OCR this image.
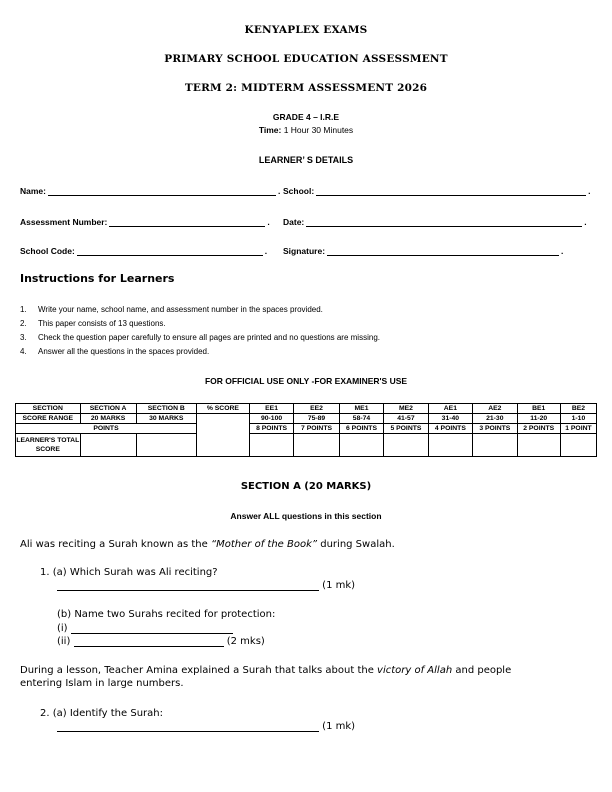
KENYAPLEX EXAMS
PRIMARY SCHOOL EDUCATION ASSESSMENT
TERM 2: MIDTERM ASSESSMENT 2026
GRADE 4 – I.R.E
Time: 1 Hour 30 Minutes
LEARNER’ S DETAILS
Name:	. School:	.
Assessment Number:	. Date:	.
School Code:	. Signature:	.
Instructions for Learners
1. Write your name, school name, and assessment number in the spaces provided.
2. This paper consists of 13 questions.
3. Check the question paper carefully to ensure all pages are printed and no questions are missing.
4. Answer all the questions in the spaces provided.
FOR OFFICIAL USE ONLY -FOR EXAMINER'S USE
SECTION	SECTION A	SECTION B	% SCORE	EE1	EE2	ME1	ME2	AE1	AE2	BE1	BE2
SCORE RANGE	20 MARKS	30 MARKS		90-100	75-89	58-74	41-57	31-40	21-30	11-20	1-10
POINTS				8 POINTS	7 POINTS	6 POINTS	5 POINTS	4 POINTS	3 POINTS	2 POINTS	1 POINT
LEARNER'S TOTAL SCORE											
SECTION A (20 MARKS)
Answer ALL questions in this section
Ali was reciting a Surah known as the “Mother of the Book” during Swalah.
1. (a) Which Surah was Ali reciting?
(1 mk)
(b) Name two Surahs recited for protection:
(i)
(ii)	(2 mks)
During a lesson, Teacher Amina explained a Surah that talks about the victory of Allah and people
entering Islam in large numbers.
2. (a) Identify the Surah:
(1 mk)
